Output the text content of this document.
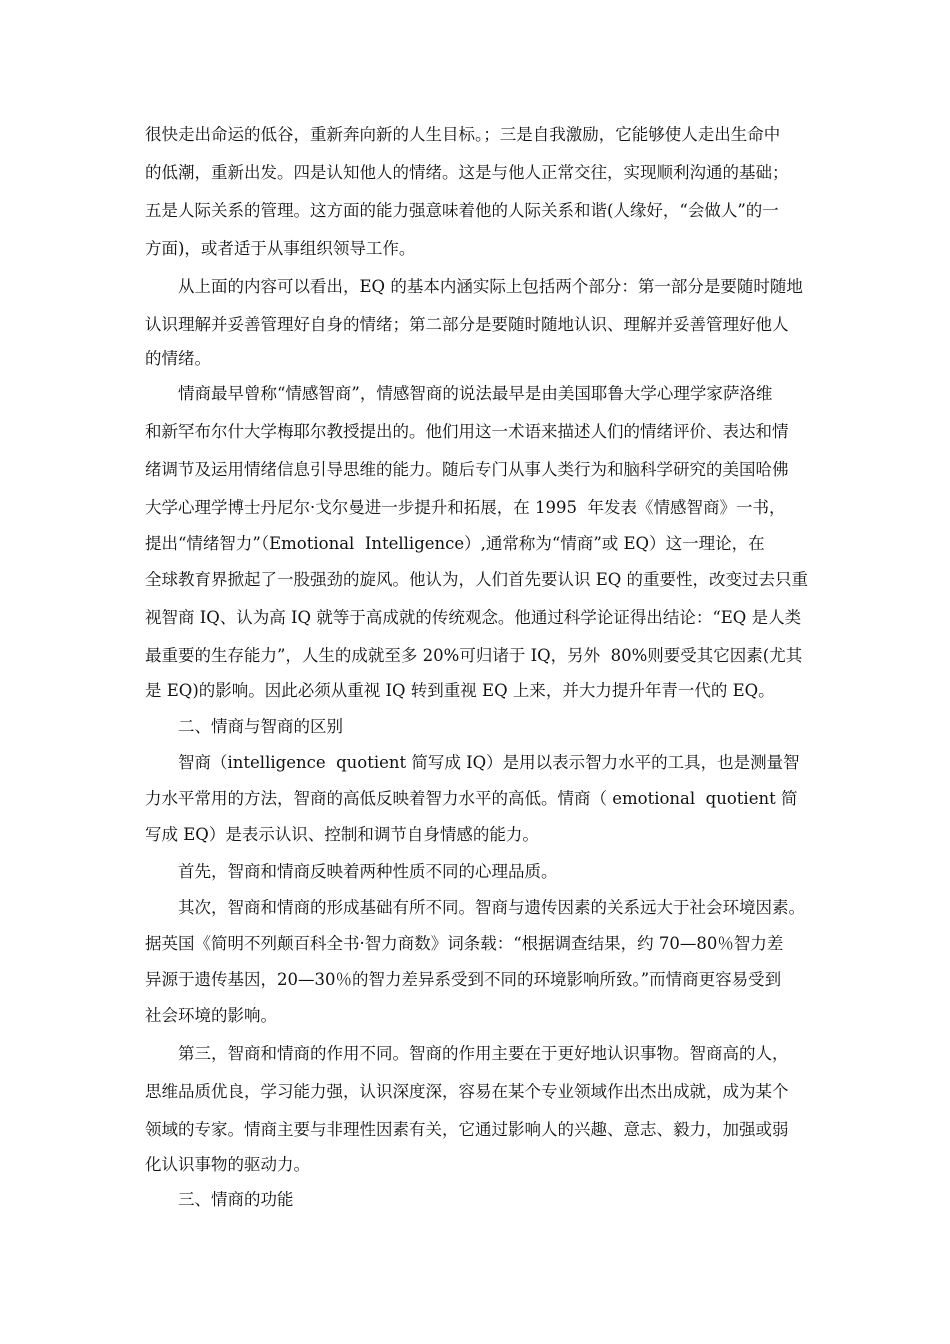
很快走出命运的低谷，重新奔向新的人生目标。；三是自我激励，它能够使人走出生命中
的低潮，重新出发。四是认知他人的情绪。这是与他人正常交往，实现顺利沟通的基础；
五是人际关系的管理。这方面的能力强意味着他的人际关系和谐(人缘好，“会做人”的一
方面)，或者适于从事组织领导工作。
从上面的内容可以看出，EQ 的基本内涵实际上包括两个部分：第一部分是要随时随地
认识理解并妥善管理好自身的情绪；第二部分是要随时随地认识、理解并妥善管理好他人
的情绪。
情商最早曾称“情感智商”，情感智商的说法最早是由美国耶鲁大学心理学家萨洛维
和新罕布尔什大学梅耶尔教授提出的。他们用这一术语来描述人们的情绪评价、表达和情
绪调节及运用情绪信息引导思维的能力。随后专门从事人类行为和脑科学研究的美国哈佛
大学心理学博士丹尼尔·戈尔曼进一步提升和拓展，在 1995  年发表《情感智商》一书，
提出“情绪智力”（Emotional  Intelligence）,通常称为“情商”或 EQ）这一理论，在
全球教育界掀起了一股强劲的旋风。他认为，人们首先要认识 EQ 的重要性，改变过去只重
视智商 IQ、认为高 IQ 就等于高成就的传统观念。他通过科学论证得出结论：“EQ 是人类
最重要的生存能力”，人生的成就至多 20%可归诸于 IQ，另外  80%则要受其它因素(尤其
是 EQ)的影响。因此必须从重视 IQ 转到重视 EQ 上来，并大力提升年青一代的 EQ。
二、情商与智商的区别
智商（intelligence  quotient 简写成 IQ）是用以表示智力水平的工具，也是测量智
力水平常用的方法，智商的高低反映着智力水平的高低。情商（ emotional  quotient 简
写成 EQ）是表示认识、控制和调节自身情感的能力。
首先，智商和情商反映着两种性质不同的心理品质。
其次，智商和情商的形成基础有所不同。智商与遗传因素的关系远大于社会环境因素。
据英国《简明不列颠百科全书·智力商数》词条载：“根据调查结果，约 70—80％智力差
异源于遗传基因，20—30％的智力差异系受到不同的环境影响所致。”而情商更容易受到
社会环境的影响。
第三，智商和情商的作用不同。智商的作用主要在于更好地认识事物。智商高的人，
思维品质优良，学习能力强，认识深度深，容易在某个专业领域作出杰出成就，成为某个
领域的专家。情商主要与非理性因素有关，它通过影响人的兴趣、意志、毅力，加强或弱
化认识事物的驱动力。
三、情商的功能
